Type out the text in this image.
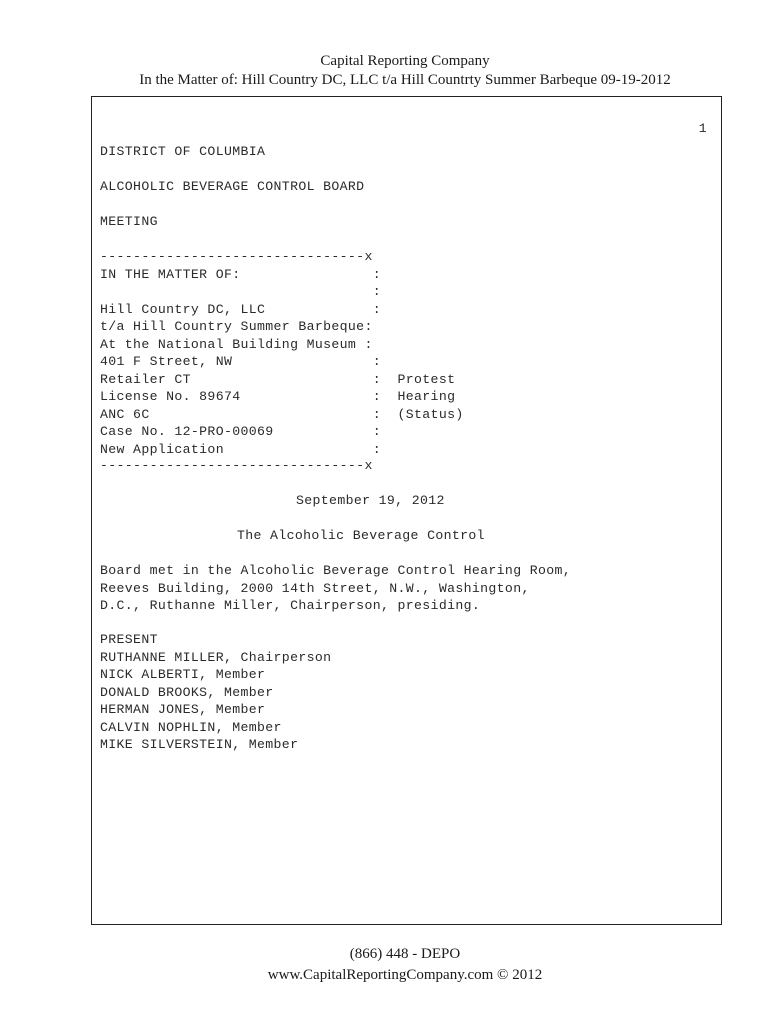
Capital Reporting Company
In the Matter of: Hill Country DC, LLC t/a Hill Countrty Summer Barbeque 09-19-2012
1
DISTRICT OF COLUMBIA
ALCOHOLIC BEVERAGE CONTROL BOARD
MEETING
--------------------------------x
IN THE MATTER OF:                :
:
Hill Country DC, LLC             :
t/a Hill Country Summer Barbeque:
At the National Building Museum :
401 F Street, NW                 :
Retailer CT                      :  Protest
License No. 89674                :  Hearing
ANC 6C                           :  (Status)
Case No. 12-PRO-00069            :
New Application                  :
--------------------------------x
September 19, 2012
The Alcoholic Beverage Control
Board met in the Alcoholic Beverage Control Hearing Room,
Reeves Building, 2000 14th Street, N.W., Washington,
D.C., Ruthanne Miller, Chairperson, presiding.
PRESENT
RUTHANNE MILLER, Chairperson
NICK ALBERTI, Member
DONALD BROOKS, Member
HERMAN JONES, Member
CALVIN NOPHLIN, Member
MIKE SILVERSTEIN, Member
(866) 448 - DEPO
www.CapitalReportingCompany.com © 2012
